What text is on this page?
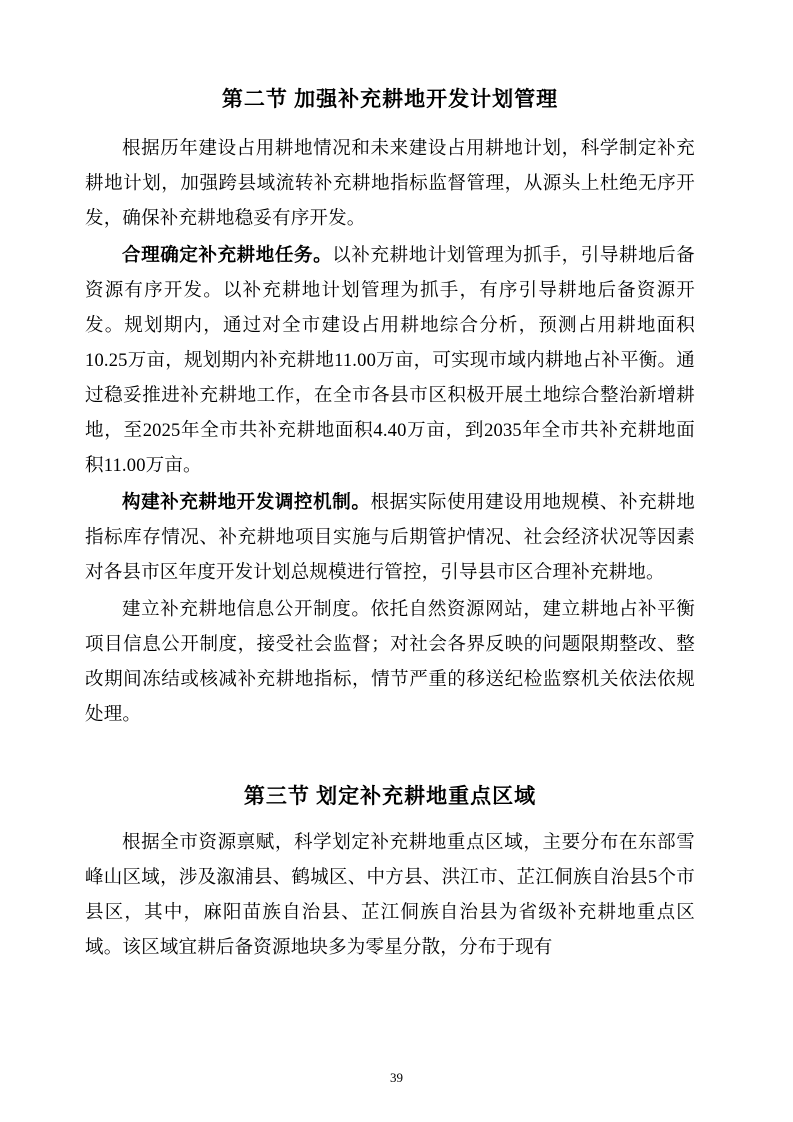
第二节 加强补充耕地开发计划管理

根据历年建设占用耕地情况和未来建设占用耕地计划，科学制定补充耕地计划，加强跨县域流转补充耕地指标监督管理，从源头上杜绝无序开发，确保补充耕地稳妥有序开发。

合理确定补充耕地任务。以补充耕地计划管理为抓手，引导耕地后备资源有序开发。以补充耕地计划管理为抓手，有序引导耕地后备资源开发。规划期内，通过对全市建设占用耕地综合分析，预测占用耕地面积10.25万亩，规划期内补充耕地11.00万亩，可实现市域内耕地占补平衡。通过稳妥推进补充耕地工作，在全市各县市区积极开展土地综合整治新增耕地，至2025年全市共补充耕地面积4.40万亩，到2035年全市共补充耕地面积11.00万亩。

构建补充耕地开发调控机制。根据实际使用建设用地规模、补充耕地指标库存情况、补充耕地项目实施与后期管护情况、社会经济状况等因素对各县市区年度开发计划总规模进行管控，引导县市区合理补充耕地。

建立补充耕地信息公开制度。依托自然资源网站，建立耕地占补平衡项目信息公开制度，接受社会监督；对社会各界反映的问题限期整改、整改期间冻结或核减补充耕地指标，情节严重的移送纪检监察机关依法依规处理。

第三节 划定补充耕地重点区域

根据全市资源禀赋，科学划定补充耕地重点区域，主要分布在东部雪峰山区域，涉及溆浦县、鹤城区、中方县、洪江市、芷江侗族自治县5个市县区，其中，麻阳苗族自治县、芷江侗族自治县为省级补充耕地重点区域。该区域宜耕后备资源地块多为零星分散，分布于现有

39
